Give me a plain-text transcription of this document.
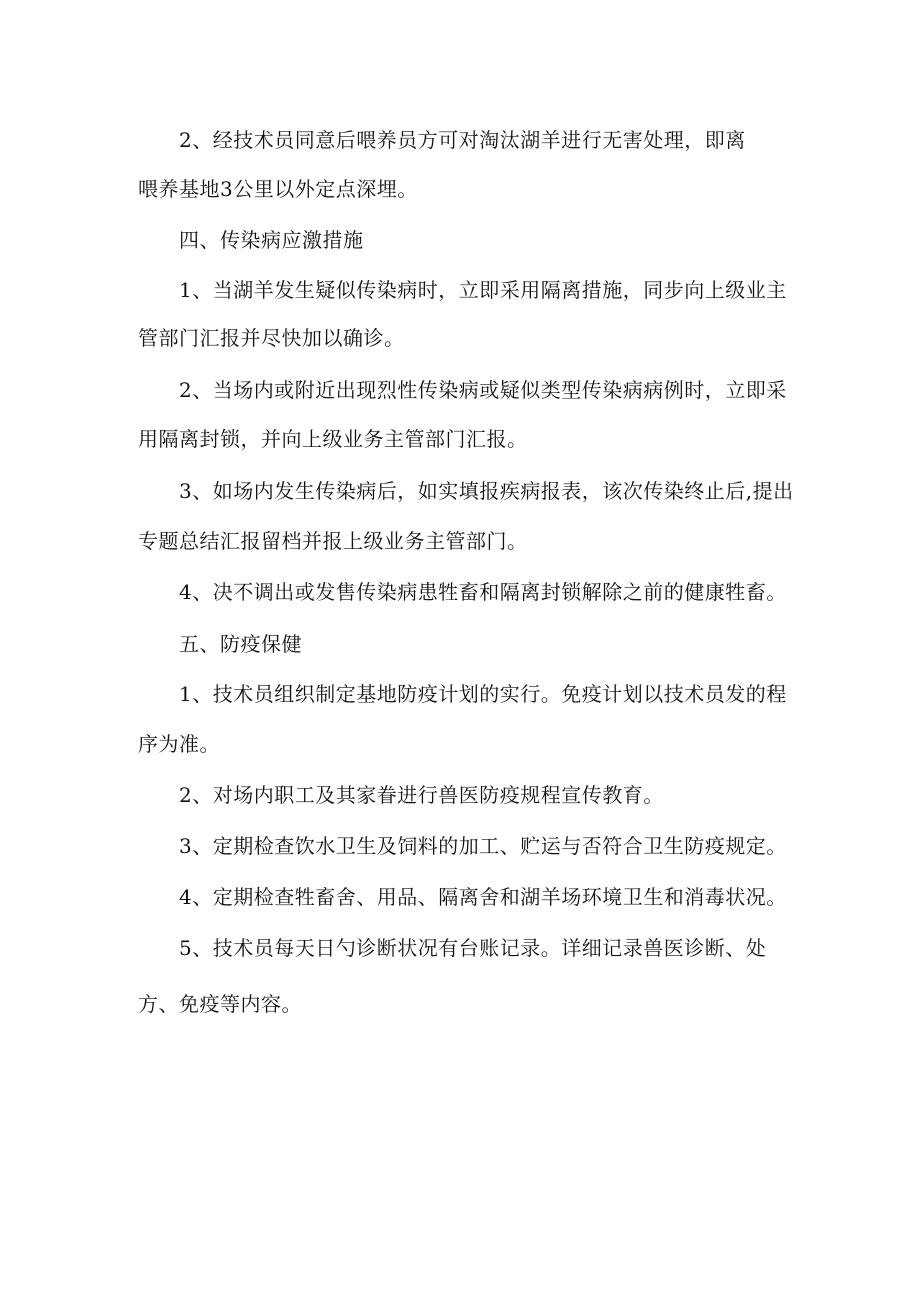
2、经技术员同意后喂养员方可对淘汰湖羊进行无害处理，即离

喂养基地3公里以外定点深埋。

四、传染病应激措施

1、当湖羊发生疑似传染病时，立即采用隔离措施，同步向上级业主

管部门汇报并尽快加以确诊。

2、当场内或附近出现烈性传染病或疑似类型传染病病例时，立即采

用隔离封锁，并向上级业务主管部门汇报。

3、如场内发生传染病后，如实填报疾病报表，该次传染终止后,提出

专题总结汇报留档并报上级业务主管部门。

4、决不调出或发售传染病患牲畜和隔离封锁解除之前的健康牲畜。

五、防疫保健

1、技术员组织制定基地防疫计划的实行。免疫计划以技术员发的程

序为准。

2、对场内职工及其家眷进行兽医防疫规程宣传教育。

3、定期检查饮水卫生及饲料的加工、贮运与否符合卫生防疫规定。

4、定期检查牲畜舍、用品、隔离舍和湖羊场环境卫生和消毒状况。

5、技术员每天日勺诊断状况有台账记录。详细记录兽医诊断、处

方、免疫等内容。
